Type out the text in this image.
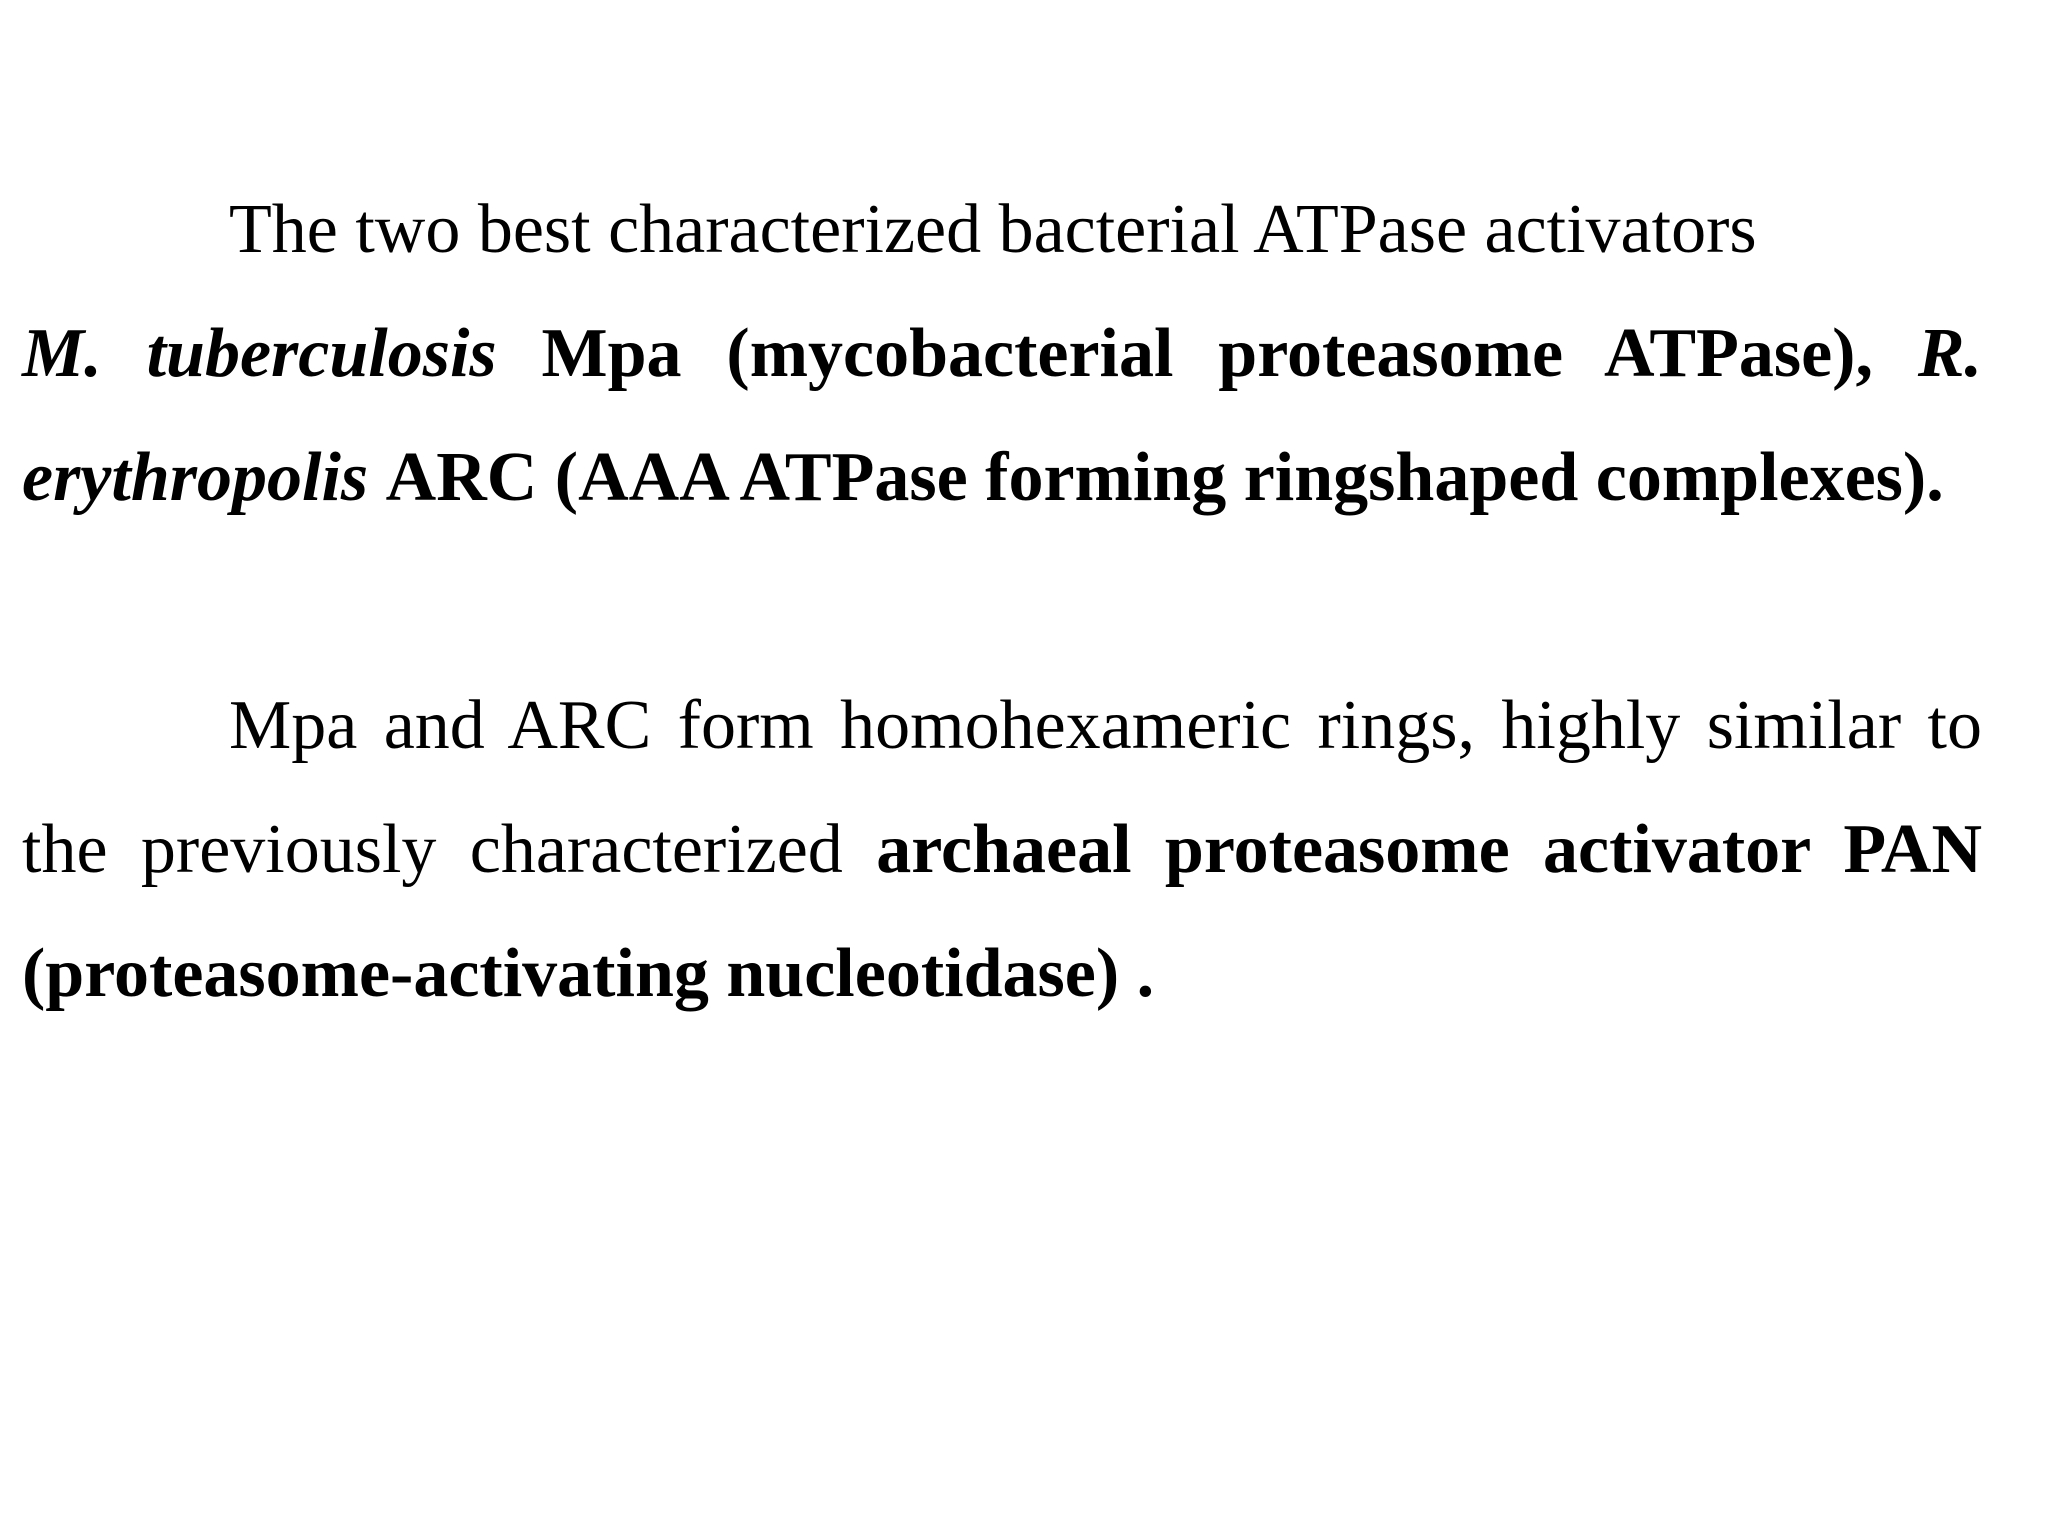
The two best characterized bacterial ATPase activators
M. tuberculosis Mpa (mycobacterial proteasome ATPase), R. erythropolis ARC (AAA ATPase forming ringshaped complexes).

Mpa and ARC form homohexameric rings, highly similar to the previously characterized archaeal proteasome activator PAN (proteasome-activating nucleotidase) .
